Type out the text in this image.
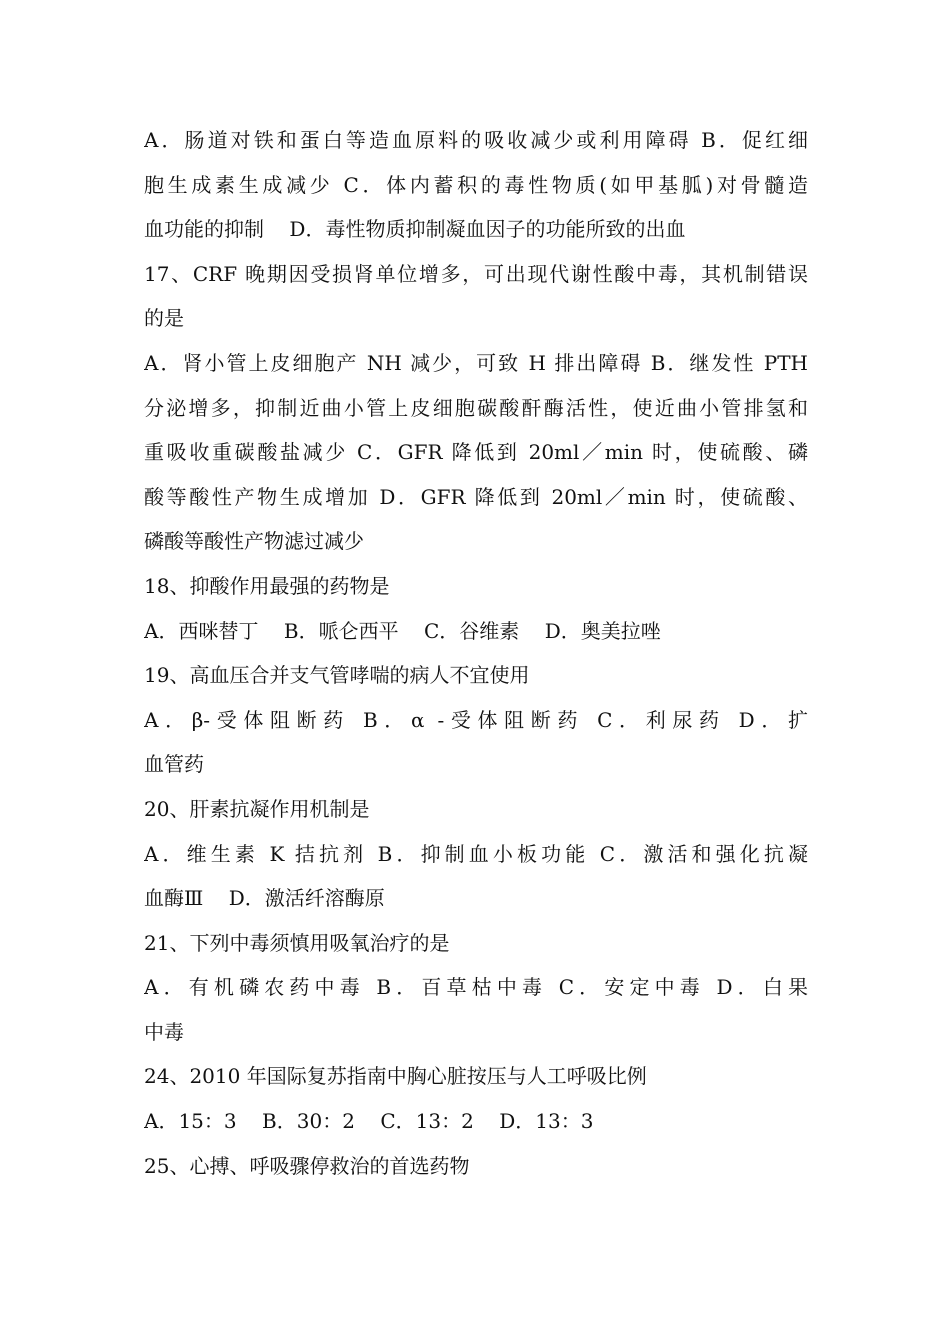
A．肠道对铁和蛋白等造血原料的吸收减少或利用障碍 B．促红细
胞生成素生成减少 C．体内蓄积的毒性物质(如甲基胍)对骨髓造
血功能的抑制    D．毒性物质抑制凝血因子的功能所致的出血
17、CRF 晚期因受损肾单位增多，可出现代谢性酸中毒，其机制错误
的是
A．肾小管上皮细胞产 NH 减少，可致 H 排出障碍 B．继发性 PTH
分泌增多，抑制近曲小管上皮细胞碳酸酐酶活性，使近曲小管排氢和
重吸收重碳酸盐减少 C．GFR 降低到 20ml／min 时，使硫酸、磷
酸等酸性产物生成增加 D．GFR 降低到 20ml／min 时，使硫酸、
磷酸等酸性产物滤过减少
18、抑酸作用最强的药物是
A．西咪替丁    B．哌仑西平    C．谷维素    D．奥美拉唑
19、高血压合并支气管哮喘的病人不宜使用
A．β-受体阻断药 B．α -受体阻断药 C．利尿药 D．扩
血管药
20、肝素抗凝作用机制是
A．维生素 K 拮抗剂 B．抑制血小板功能 C．激活和强化抗凝
血酶Ⅲ    D．激活纤溶酶原
21、下列中毒须慎用吸氧治疗的是
A．有机磷农药中毒 B．百草枯中毒 C．安定中毒 D．白果
中毒
24、2010 年国际复苏指南中胸心脏按压与人工呼吸比例
A．15：3    B．30：2    C．13：2    D．13：3
25、心搏、呼吸骤停救治的首选药物
